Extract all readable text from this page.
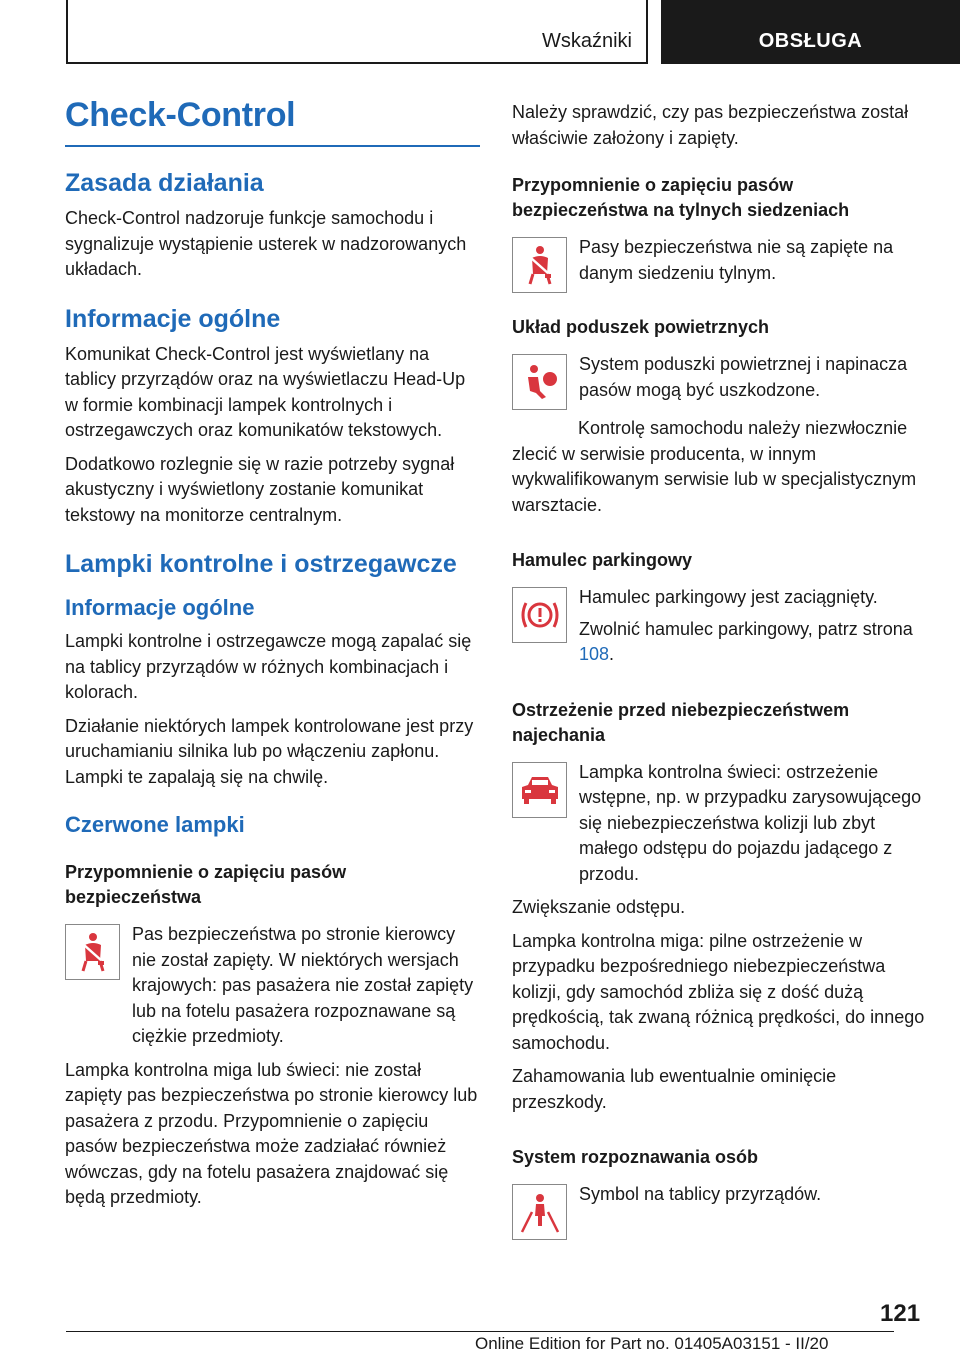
Wskaźniki	OBSŁUGA
Check-Control
Zasada działania

Check-Control nadzoruje funkcje samochodu i sygnalizuje wystąpienie usterek w nadzorowanych układach.

Informacje ogólne

Komunikat Check-Control jest wyświetlany na tablicy przyrządów oraz na wyświetlaczu Head-Up w formie kombinacji lampek kontrolnych i ostrzegawczych oraz komunikatów tekstowych.

Dodatkowo rozlegnie się w razie potrzeby sygnał akustyczny i wyświetlony zostanie komunikat tekstowy na monitorze centralnym.

Lampki kontrolne i ostrzegawcze
Informacje ogólne

Lampki kontrolne i ostrzegawcze mogą zapalać się na tablicy przyrządów w różnych kombinacjach i kolorach.

Działanie niektórych lampek kontrolowane jest przy uruchamianiu silnika lub po włączeniu zapłonu. Lampki te zapalają się na chwilę.

Czerwone lampki
Przypomnienie o zapięciu pasów bezpieczeństwa

Pas bezpieczeństwa po stronie kierowcy nie został zapięty. W niektórych wersjach krajowych: pas pasażera nie został zapięty lub na fotelu pasażera rozpoznawane są ciężkie przedmioty.

Lampka kontrolna miga lub świeci: nie został zapięty pas bezpieczeństwa po stronie kierowcy lub pasażera z przodu. Przypomnienie o zapięciu pasów bezpieczeństwa może zadziałać również wówczas, gdy na fotelu pasażera znajdować się będą przedmioty.

Należy sprawdzić, czy pas bezpieczeństwa został właściwie założony i zapięty.

Przypomnienie o zapięciu pasów bezpieczeństwa na tylnych siedzeniach

Pasy bezpieczeństwa nie są zapięte na danym siedzeniu tylnym.

Układ poduszek powietrznych

System poduszki powietrznej i napinacza pasów mogą być uszkodzone.

Kontrolę samochodu należy niezwłocznie zlecić w serwisie producenta, w innym wykwalifikowanym serwisie lub w specjalistycznym warsztacie.

Hamulec parkingowy

Hamulec parkingowy jest zaciągnięty.

Zwolnić hamulec parkingowy, patrz strona 108.

Ostrzeżenie przed niebezpieczeństwem najechania

Lampka kontrolna świeci: ostrzeżenie wstępne, np. w przypadku zarysowującego się niebezpieczeństwa kolizji lub zbyt małego odstępu do pojazdu jadącego z przodu.

Zwiększanie odstępu.

Lampka kontrolna miga: pilne ostrzeżenie w przypadku bezpośredniego niebezpieczeństwa kolizji, gdy samochód zbliża się z dość dużą prędkością, tak zwaną różnicą prędkości, do innego samochodu.

Zahamowania lub ewentualnie ominięcie przeszkody.

System rozpoznawania osób

Symbol na tablicy przyrządów.

121
Online Edition for Part no. 01405A03151 - II/20
